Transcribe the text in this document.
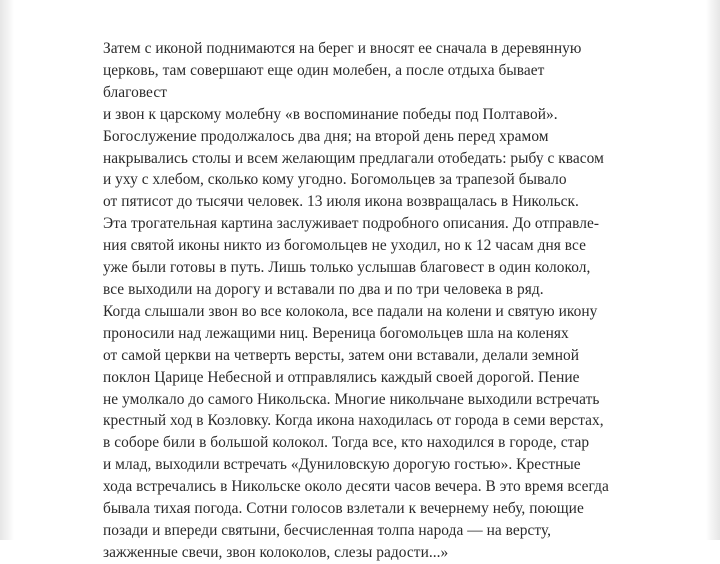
Затем с иконой поднимаются на берег и вносят ее сначала в деревянную
церковь, там совершают еще один молебен, а после отдыха бывает
благовест
и звон к царскому молебну «в воспоминание победы под Полтавой».
Богослужение продолжалось два дня; на второй день перед храмом
накрывались столы и всем желающим предлагали отобедать: рыбу с квасом
и уху с хлебом, сколько кому угодно. Богомольцев за трапезой бывало
от пятисот до тысячи человек. 13 июля икона возвращалась в Никольск.
Эта трогательная картина заслуживает подробного описания. До отправле-
ния святой иконы никто из богомольцев не уходил, но к 12 часам дня все
уже были готовы в путь. Лишь только услышав благовест в один колокол,
все выходили на дорогу и вставали по два и по три человека в ряд.
Когда слышали звон во все колокола, все падали на колени и святую икону
проносили над лежащими ниц. Вереница богомольцев шла на коленях
от самой церкви на четверть версты, затем они вставали, делали земной
поклон Царице Небесной и отправлялись каждый своей дорогой. Пение
не умолкало до самого Никольска. Многие никольчане выходили встречать
крестный ход в Козловку. Когда икона находилась от города в семи верстах,
в соборе били в большой колокол. Тогда все, кто находился в городе, стар
и млад, выходили встречать «Дуниловскую дорогую гостью». Крестные
хода встречались в Никольске около десяти часов вечера. В это время всегда
бывала тихая погода. Сотни голосов взлетали к вечернему небу, поющие
позади и впереди святыни, бесчисленная толпа народа — на версту,
зажженные свечи, звон колоколов, слезы радости...»
